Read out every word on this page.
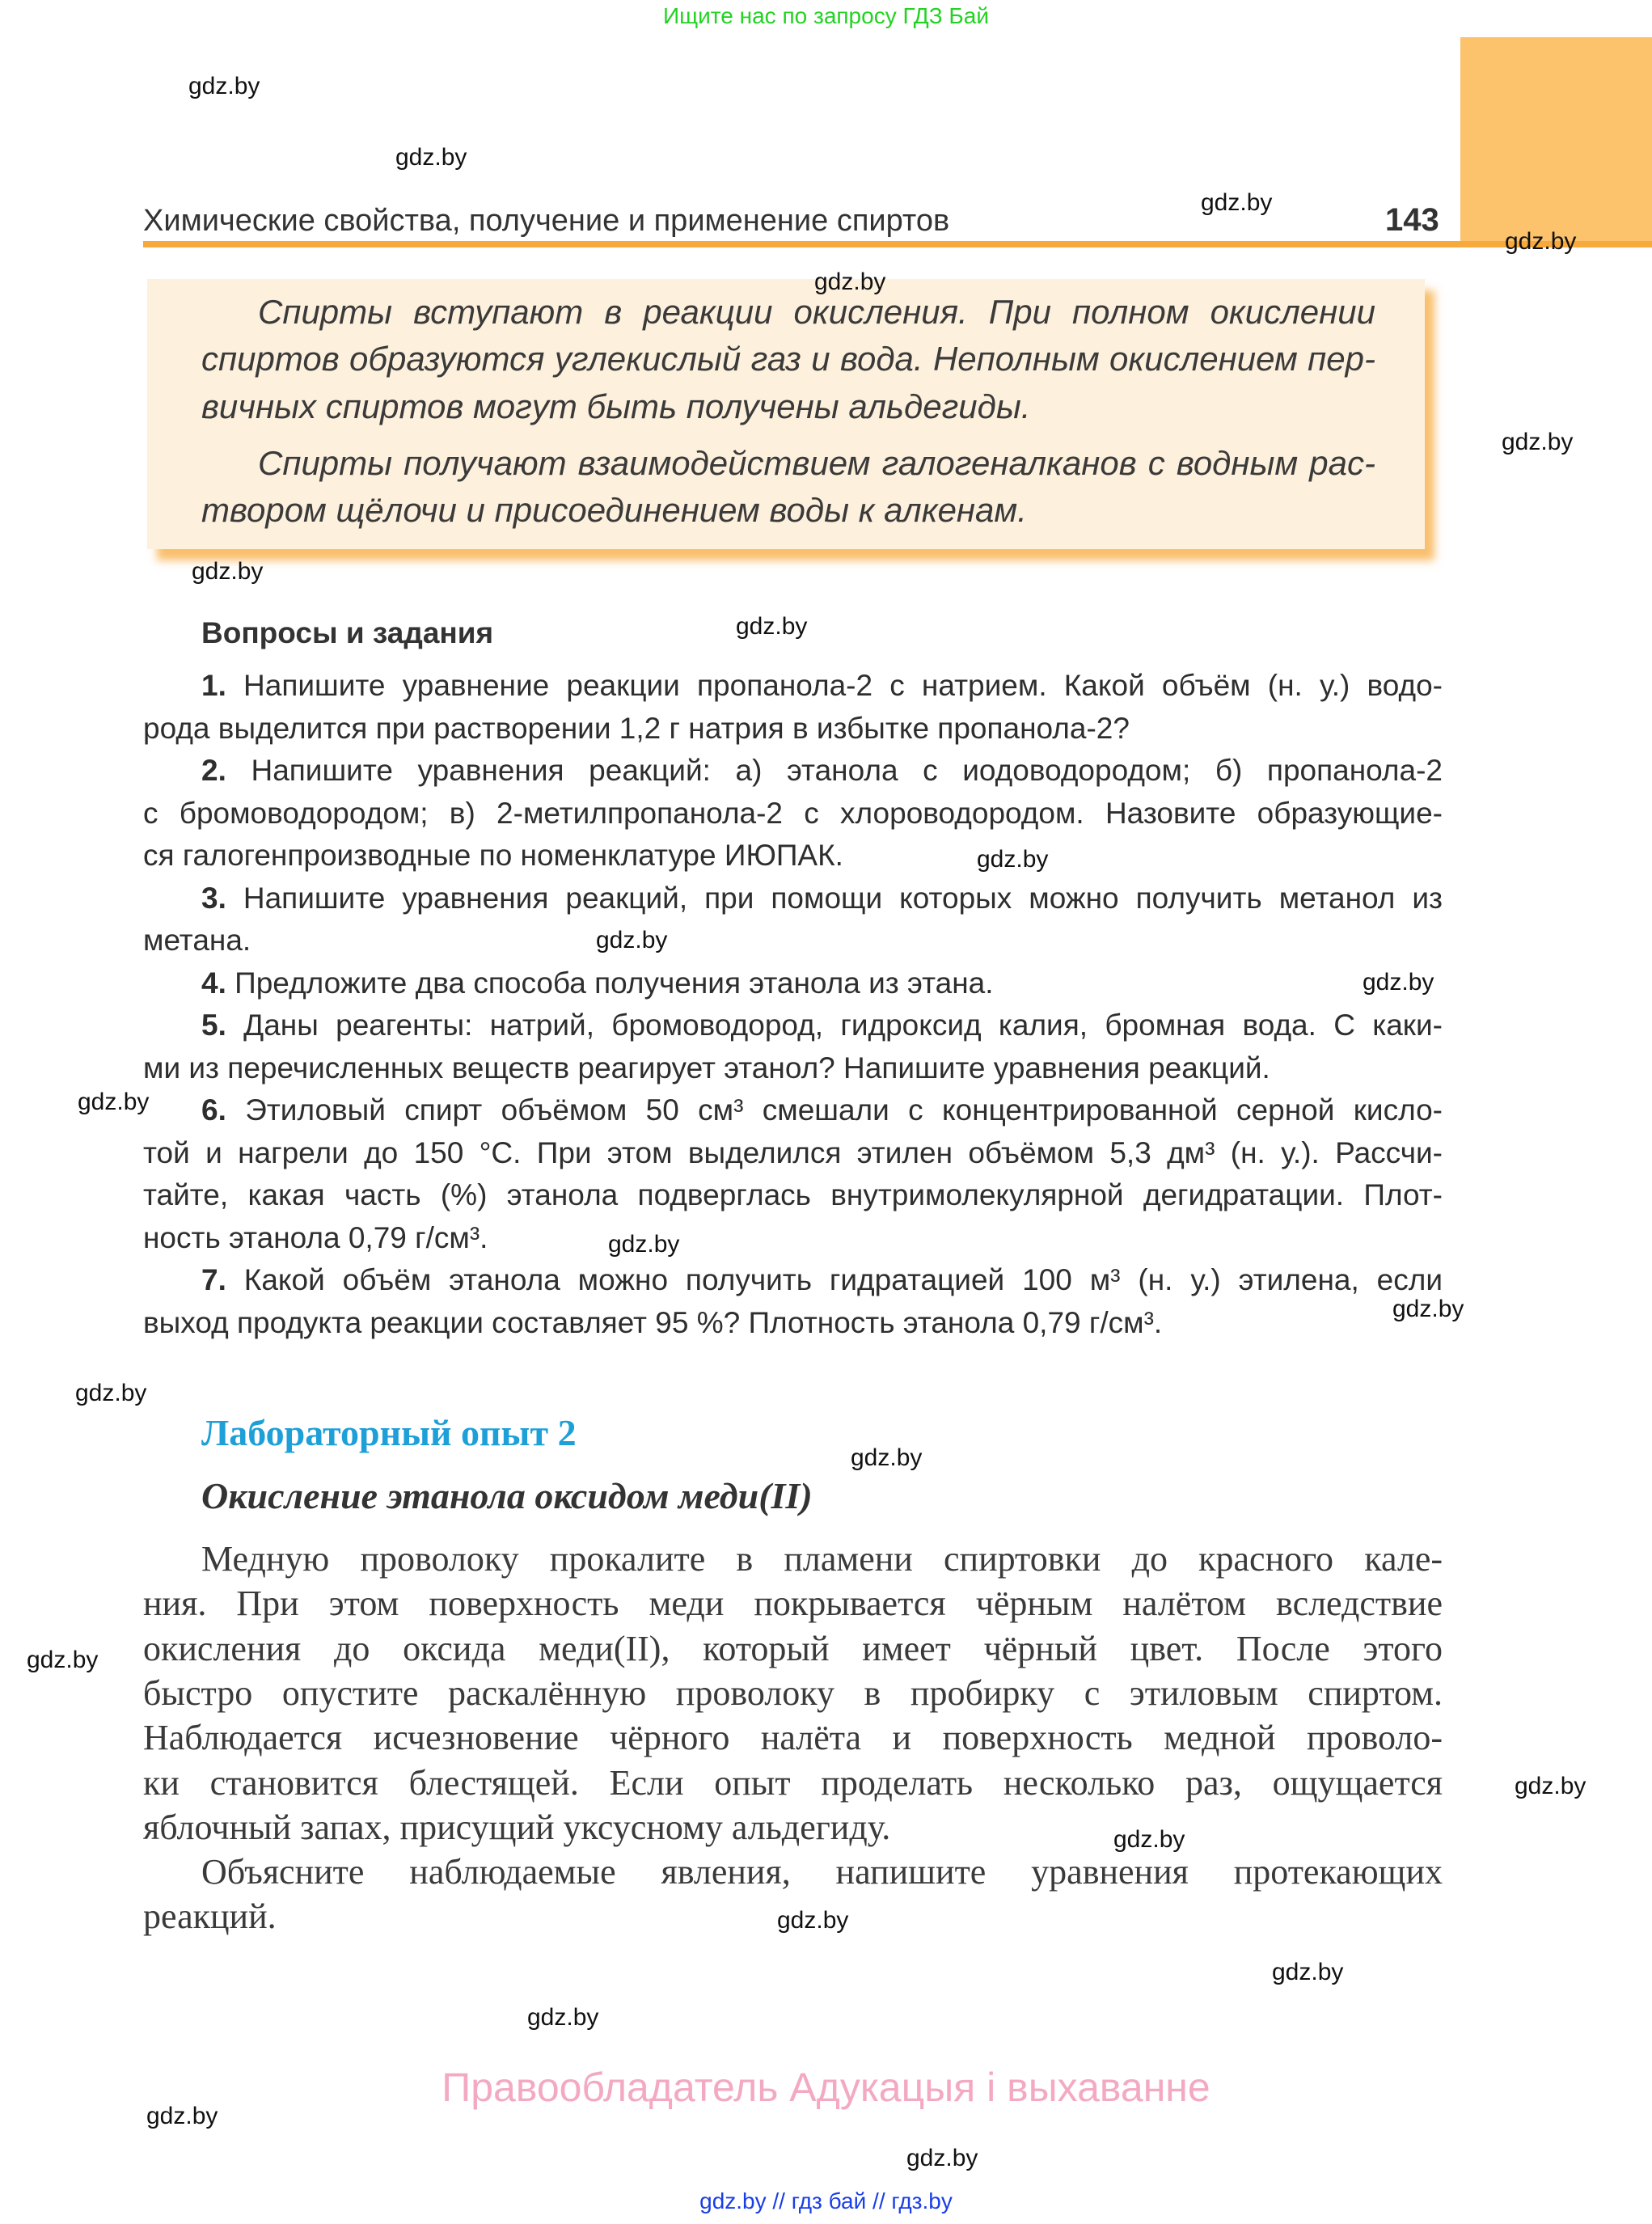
Ищите нас по запросу ГДЗ Бай
Химические свойства, получение и применение спиртов	143
Спирты вступают в реакции окисления. При полном окислении
спиртов образуются углекислый газ и вода. Неполным окислением пер-
вичных спиртов могут быть получены альдегиды.
Спирты получают взаимодействием галогеналканов с водным рас-
твором щёлочи и присоединением воды к алкенам.
Вопросы и задания
1. Напишите уравнение реакции пропанола-2 с натрием. Какой объём (н. у.) водо-
рода выделится при растворении 1,2 г натрия в избытке пропанола-2?
2. Напишите уравнения реакций: а) этанола с иодоводородом; б) пропанола-2
с бромоводородом; в) 2-метилпропанола-2 с хлороводородом. Назовите образующие-
ся галогенпроизводные по номенклатуре ИЮПАК.
3. Напишите уравнения реакций, при помощи которых можно получить метанол из
метана.
4. Предложите два способа получения этанола из этана.
5. Даны реагенты: натрий, бромоводород, гидроксид калия, бромная вода. С каки-
ми из перечисленных веществ реагирует этанол? Напишите уравнения реакций.
6. Этиловый спирт объёмом 50 см³ смешали с концентрированной серной кисло-
той и нагрели до 150 °C. При этом выделился этилен объёмом 5,3 дм³ (н. у.). Рассчи-
тайте, какая часть (%) этанола подверглась внутримолекулярной дегидратации. Плот-
ность этанола 0,79 г/см³.
7. Какой объём этанола можно получить гидратацией 100 м³ (н. у.) этилена, если
выход продукта реакции составляет 95 %? Плотность этанола 0,79 г/см³.
Лабораторный опыт 2
Окисление этанола оксидом меди(II)
Медную проволоку прокалите в пламени спиртовки до красного кале-
ния. При этом поверхность меди покрывается чёрным налётом вследствие
окисления до оксида меди(II), который имеет чёрный цвет. После этого
быстро опустите раскалённую проволоку в пробирку с этиловым спиртом.
Наблюдается исчезновение чёрного налёта и поверхность медной проволо-
ки становится блестящей. Если опыт проделать несколько раз, ощущается
яблочный запах, присущий уксусному альдегиду.
Объясните наблюдаемые явления, напишите уравнения протекающих
реакций.
Правообладатель Адукацыя і выхаванне
gdz.by // гдз бай // гдз.by
gdz.by
gdz.by
gdz.by
gdz.by
gdz.by
gdz.by
gdz.by
gdz.by
gdz.by
gdz.by
gdz.by
gdz.by
gdz.by
gdz.by
gdz.by
gdz.by
gdz.by
gdz.by
gdz.by
gdz.by
gdz.by
gdz.by
gdz.by
gdz.by
